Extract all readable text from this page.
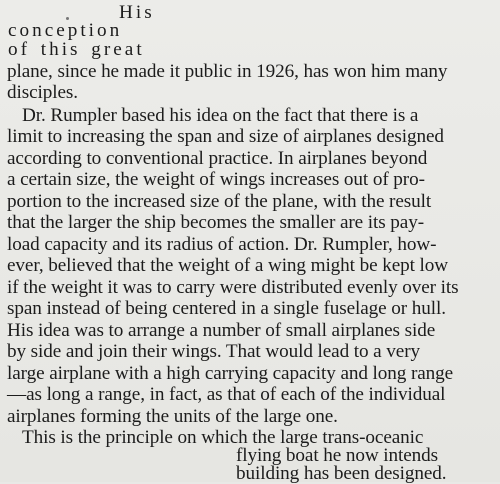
His
conception
of this great
plane, since he made it public in 1926, has won him many
disciples.
Dr. Rumpler based his idea on the fact that there is a
limit to increasing the span and size of airplanes designed
according to conventional practice. In airplanes beyond
a certain size, the weight of wings increases out of pro-
portion to the increased size of the plane, with the result
that the larger the ship becomes the smaller are its pay-
load capacity and its radius of action. Dr. Rumpler, how-
ever, believed that the weight of a wing might be kept low
if the weight it was to carry were distributed evenly over its
span instead of being centered in a single fuselage or hull.
His idea was to arrange a number of small airplanes side
by side and join their wings. That would lead to a very
large airplane with a high carrying capacity and long range
—as long a range, in fact, as that of each of the individual
airplanes forming the units of the large one.
This is the principle on which the large trans-oceanic
flying boat he now intends
building has been designed.
